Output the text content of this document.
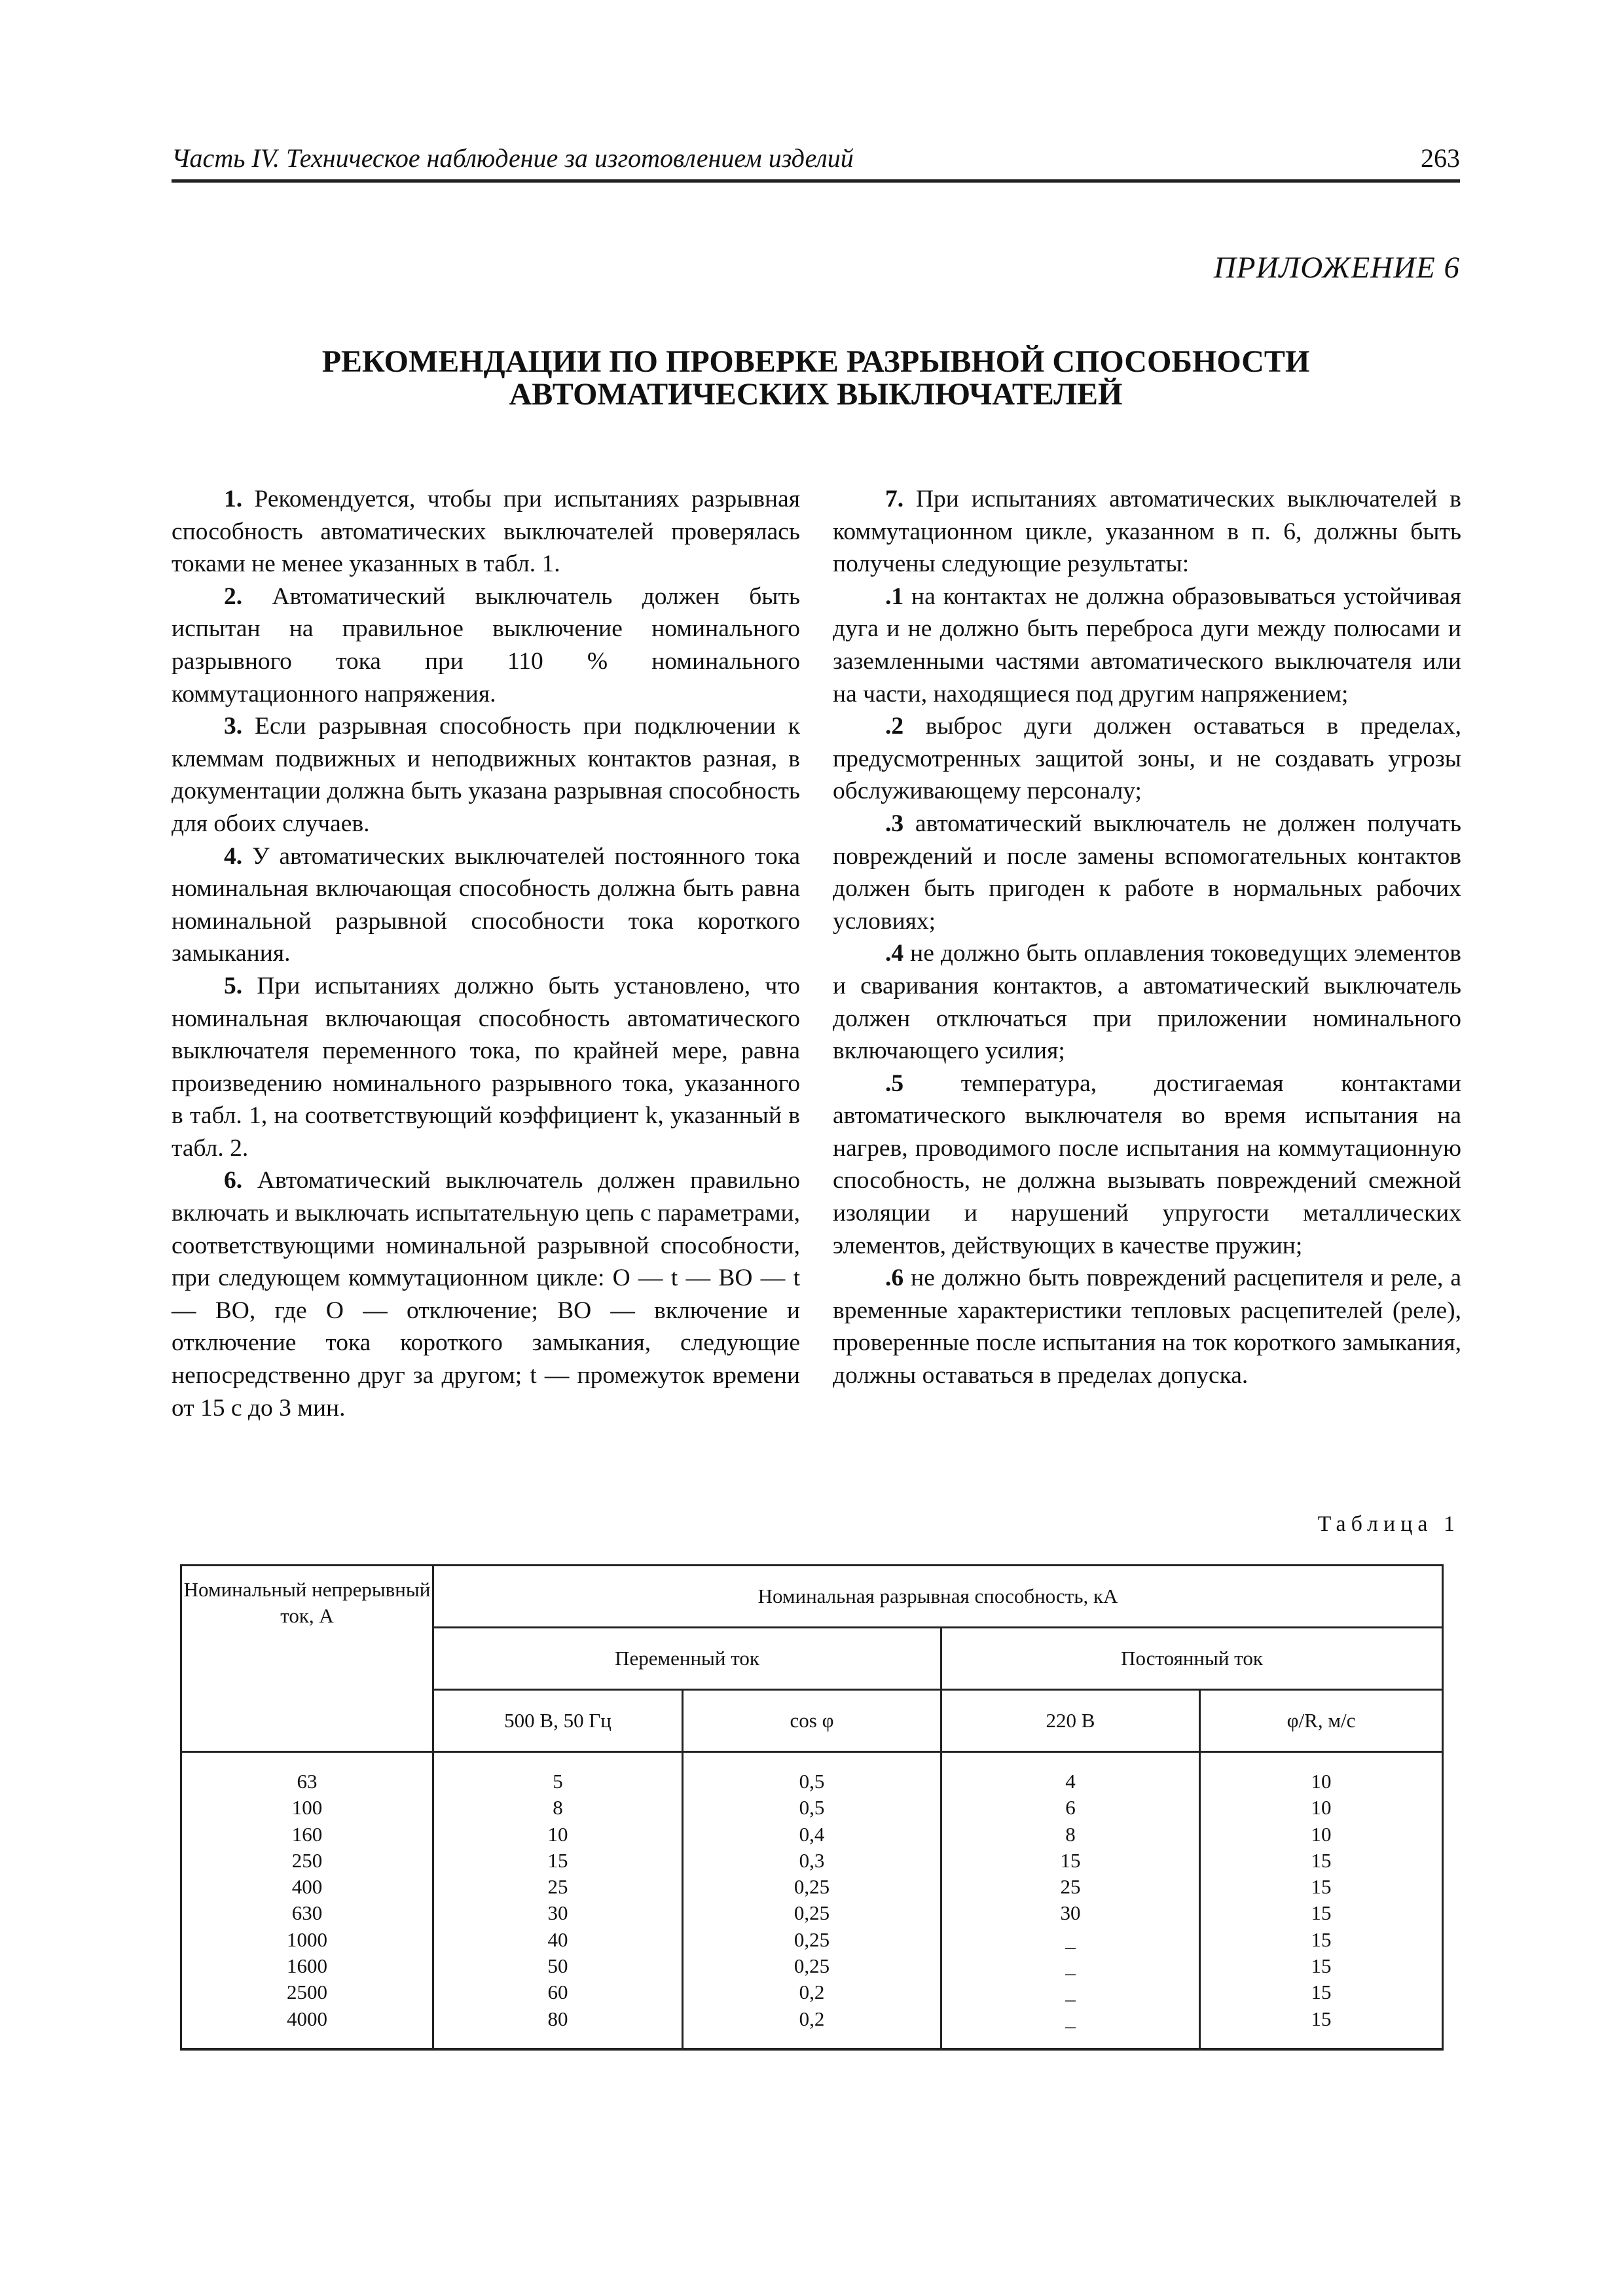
Часть IV. Техническое наблюдение за изготовлением изделий	263
ПРИЛОЖЕНИЕ 6
РЕКОМЕНДАЦИИ ПО ПРОВЕРКЕ РАЗРЫВНОЙ СПОСОБНОСТИ
АВТОМАТИЧЕСКИХ ВЫКЛЮЧАТЕЛЕЙ

1. Рекомендуется, чтобы при испытаниях разрывная способность автоматических выключателей проверялась токами не менее указанных в табл. 1.

2. Автоматический выключатель должен быть испытан на правильное выключение номинального разрывного тока при 110 % номинального коммутационного напряжения.

3. Если разрывная способность при подключении к клеммам подвижных и неподвижных контактов разная, в документации должна быть указана разрывная способность для обоих случаев.

4. У автоматических выключателей постоянного тока номинальная включающая способность должна быть равна номинальной разрывной способности тока короткого замыкания.

5. При испытаниях должно быть установлено, что номинальная включающая способность автоматического выключателя переменного тока, по крайней мере, равна произведению номинального разрывного тока, указанного в табл. 1, на соответствующий коэффициент k, указанный в табл. 2.

6. Автоматический выключатель должен правильно включать и выключать испытательную цепь с параметрами, соответствующими номинальной разрывной способности, при следующем коммутационном цикле: О — t — ВО — t — ВО, где О — отключение; ВО — включение и отключение тока короткого замыкания, следующие непосредственно друг за другом; t — промежуток времени от 15 с до 3 мин.

7. При испытаниях автоматических выключателей в коммутационном цикле, указанном в п. 6, должны быть получены следующие результаты:

.1 на контактах не должна образовываться устойчивая дуга и не должно быть переброса дуги между полюсами и заземленными частями автоматического выключателя или на части, находящиеся под другим напряжением;

.2 выброс дуги должен оставаться в пределах, предусмотренных защитой зоны, и не создавать угрозы обслуживающему персоналу;

.3 автоматический выключатель не должен получать повреждений и после замены вспомогательных контактов должен быть пригоден к работе в нормальных рабочих условиях;

.4 не должно быть оплавления токоведущих элементов и сваривания контактов, а автоматический выключатель должен отключаться при приложении номинального включающего усилия;

.5 температура, достигаемая контактами автоматического выключателя во время испытания на нагрев, проводимого после испытания на коммутационную способность, не должна вызывать повреждений смежной изоляции и нарушений упругости металлических элементов, действующих в качестве пружин;

.6 не должно быть повреждений расцепителя и реле, а временные характеристики тепловых расцепителей (реле), проверенные после испытания на ток короткого замыкания, должны оставаться в пределах допуска.

Таблица 1
Номинальный непрерывный ток, А	Номинальная разрывная способность, кА			
	Переменный ток		Постоянный ток	
	500 В, 50 Гц	cos φ	220 В	φ/R, м/с
63	5	0,5	4	10
100	8	0,5	6	10
160	10	0,4	8	10
250	15	0,3	15	15
400	25	0,25	25	15
630	30	0,25	30	15
1000	40	0,25	_	15
1600	50	0,25	_	15
2500	60	0,2	_	15
4000	80	0,2	_	15
